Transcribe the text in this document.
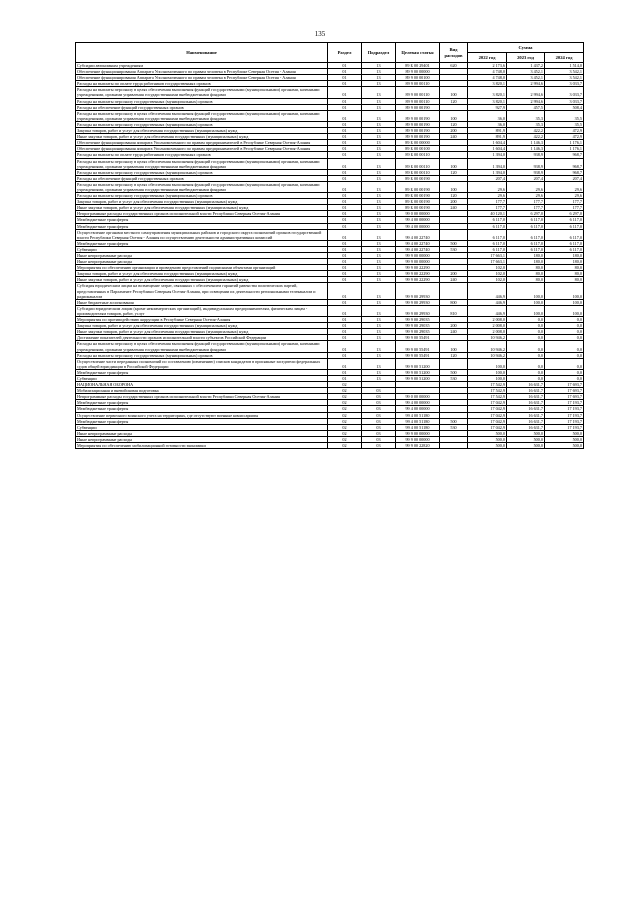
135
Наименование	Раздел	Подраздел	Целевая статья	Вид расходов	Сумма		
					2022 год	2023 год	2024 год
Субсидии автономным учреждениям	01	13	89 Б 00 29401	620	2 173,6	1 437,2	1 514,0
Обеспечение функционирования Аппарата Уполномоченного по правам человека в Республике Северная Осетия - Алания	01	13	89 9 00 00000		4 748,0	3 452,1	3 542,1
Обеспечение функционирования Аппарата Уполномоченного по правам человека в Республике Северная Осетия - Алания	01	13	89 9 00 00100		4 748,0	3 452,1	3 542,1
Расходы на выплаты по оплате труда работников государственных органов	01	13	89 9 00 00110		3 820,1	2 994,6	3 033,7
Расходы на выплаты персоналу в целях обеспечения выполнения функций государственными (муниципальными) органами, казенными учреждениями, органами управления государственными внебюджетными фондами	01	13	89 9 00 00110	100	3 820,1	2 994,6	3 033,7
Расходы на выплаты персоналу государственных (муниципальных) органов	01	13	89 9 00 00110	120	3 820,1	2 994,6	3 033,7
Расходы на обеспечение функций государственных органов	01	13	89 9 00 00190		927,9	457,5	508,4
Расходы на выплаты персоналу в целях обеспечения выполнения функций государственными (муниципальными) органами, казенными учреждениями, органами управления государственными внебюджетными фондами	01	13	89 9 00 00190	100	36,0	35,3	35,5
Расходы на выплаты персоналу государственных (муниципальных) органов	01	13	89 9 00 00190	120	36,0	35,3	35,5
Закупка товаров, работ и услуг для обеспечения государственных (муниципальных) нужд	01	13	89 9 00 00190	200	891,9	422,2	472,9
Иные закупки товаров, работ и услуг для обеспечения государственных (муниципальных) нужд	01	13	89 9 00 00190	240	891,9	422,2	472,9
Обеспечение функционирования аппарата Уполномоченного по правам предпринимателей в Республике Северная Осетия-Алания	01	13	89 Б 00 00000		1 604,4	1 146,3	1 176,1
Обеспечение функционирования аппарата Уполномоченного по правам предпринимателей в Республике Северная Осетия-Алания	01	13	89 Б 00 00100		1 604,4	1 146,3	1 176,1
Расходы на выплаты по оплате труда работников государственных органов	01	13	89 Б 00 00110		1 394,0	938,9	968,7
Расходы на выплаты персоналу в целях обеспечения выполнения функций государственными (муниципальными) органами, казенными учреждениями, органами управления государственными внебюджетными фондами	01	13	89 Б 00 00110	100	1 394,0	938,9	968,7
Расходы на выплаты персоналу государственных (муниципальных) органов	01	13	89 Б 00 00110	120	1 394,0	938,9	968,7
Расходы на обеспечение функций государственных органов	01	13	89 Б 00 00190		207,4	207,4	207,4
Расходы на выплаты персоналу в целях обеспечения выполнения функций государственными (муниципальными) органами, казенными учреждениями, органами управления государственными внебюджетными фондами	01	13	89 Б 00 00190	100	29,6	29,6	29,6
Расходы на выплаты персоналу государственных (муниципальных) органов	01	13	89 Б 00 00190	120	29,6	29,6	29,6
Закупка товаров, работ и услуг для обеспечения государственных (муниципальных) нужд	01	13	89 Б 00 00190	200	177,7	177,7	177,7
Иные закупки товаров, работ и услуг для обеспечения государственных (муниципальных) нужд	01	13	89 Б 00 00190	240	177,7	177,7	177,7
Непрограммные расходы государственных органов исполнительной власти Республики Северная Осетия-Алания	01	13	99 0 00 00000		40 120,1	6 297,0	6 297,0
Межбюджетные трансферты	01	13	99 4 00 00000		6 117,0	6 117,0	6 117,0
Межбюджетные трансферты	01	13	99 4 00 00000		6 117,0	6 117,0	6 117,0
Осуществление органами местного самоуправления муниципальных районов и городского округа полномочий органов государственной власти Республики Северная Осетия - Алания по осуществлению деятельности административных комиссий	01	13	99 4 00 22740		6 117,0	6 117,0	6 117,0
Межбюджетные трансферты	01	13	99 4 00 22740	500	6 117,0	6 117,0	6 117,0
Субвенции	01	13	99 4 00 22740	530	6 117,0	6 117,0	6 117,0
Иные непрограммные расходы	01	13	99 9 00 00000		17 663,1	180,0	180,0
Иные непрограммные расходы	01	13	99 9 00 00000		17 663,1	180,0	180,0
Мероприятия по обеспечению организации и проведению представлений подписными объектами организаций	01	13	99 9 00 22290		102,0	80,0	80,0
Закупка товаров, работ и услуг для обеспечения государственных (муниципальных) нужд	01	13	99 9 00 22290	200	102,0	80,0	80,0
Иные закупки товаров, работ и услуг для обеспечения государственных (муниципальных) нужд	01	13	99 9 00 22290	240	102,0	80,0	80,0
Субсидия юридическим лицам на возмещение затрат, связанных с обеспечением гарантий равенства политических партий, представленных в Парламенте Республики Северная Осетия-Алания, при освещении их деятельности региональными телеканалом и радиоканалом	01	13	99 9 00 29930		446,9	100,0	100,0
Иные бюджетные ассигнования	01	13	99 9 00 29930	800	446,9	100,0	100,0
Субсидии юридическим лицам (кроме некоммерческих организаций), индивидуальным предпринимателям, физическим лицам - производителям товаров, работ, услуг	01	13	99 9 00 29930	810	446,9	100,0	100,0
Мероприятия по противодействию коррупции в Республике Северная Осетия-Алания	01	13	99 9 00 29035		2 008,0	0,0	0,0
Закупка товаров, работ и услуг для обеспечения государственных (муниципальных) нужд	01	13	99 9 00 29035	200	2 008,0	0,0	0,0
Иные закупки товаров, работ и услуг для обеспечения государственных (муниципальных) нужд	01	13	99 9 00 29035	240	2 008,0	0,0	0,0
Достижение показателей деятельности органов исполнительной власти субъектов Российской Федерации	01	13	99 9 00 55491		10 946,2	0,0	0,0
Расходы на выплаты персоналу в целях обеспечения выполнения функций государственными (муниципальными) органами, казенными учреждениями, органами управления государственными внебюджетными фондами	01	13	99 9 00 55491	100	10 946,2	0,0	0,0
Расходы на выплаты персоналу государственных (муниципальных) органов	01	13	99 9 00 55491	120	10 946,2	0,0	0,0
Осуществление части переданных полномочий по составлению (изменению) списков кандидатов в присяжные заседатели федеральных судов общей юрисдикции в Российской Федерации	01	13	99 9 00 51200		100,0	0,0	0,0
Межбюджетные трансферты	01	13	99 9 00 51200	500	100,0	0,0	0,0
Субвенции	01	13	99 9 00 51200	530	100,0	0,0	0,0
НАЦИОНАЛЬНАЯ ОБОРОНА	02				17 542,9	16 631,7	17 693,7
Мобилизационная и вневойсковая подготовка	02	03			17 542,9	16 631,7	17 693,7
Непрограммные расходы государственных органов исполнительной власти Республики Северная Осетия-Алания	02	03	99 0 00 00000		17 542,9	16 631,7	17 693,7
Межбюджетные трансферты	02	03	99 4 00 00000		17 042,9	16 631,7	17 193,7
Межбюджетные трансферты	02	03	99 4 00 00000		17 042,9	16 631,7	17 193,7
Осуществление первичного воинского учета на территориях, где отсутствуют военные комиссариаты	02	03	99 4 00 51180		17 042,9	16 631,7	17 193,7
Межбюджетные трансферты	02	03	99 4 00 51180	500	17 042,9	16 631,7	17 193,7
Субвенции	02	03	99 4 00 51180	530	17 042,9	16 631,7	17 193,7
Иные непрограммные расходы	02	03	99 9 00 00000		500,0	500,0	500,0
Иные непрограммные расходы	02	03	99 9 00 00000		500,0	500,0	500,0
Мероприятия по обеспечению мобилизационной готовности экономики	02	03	99 9 00 22820		500,0	500,0	500,0
